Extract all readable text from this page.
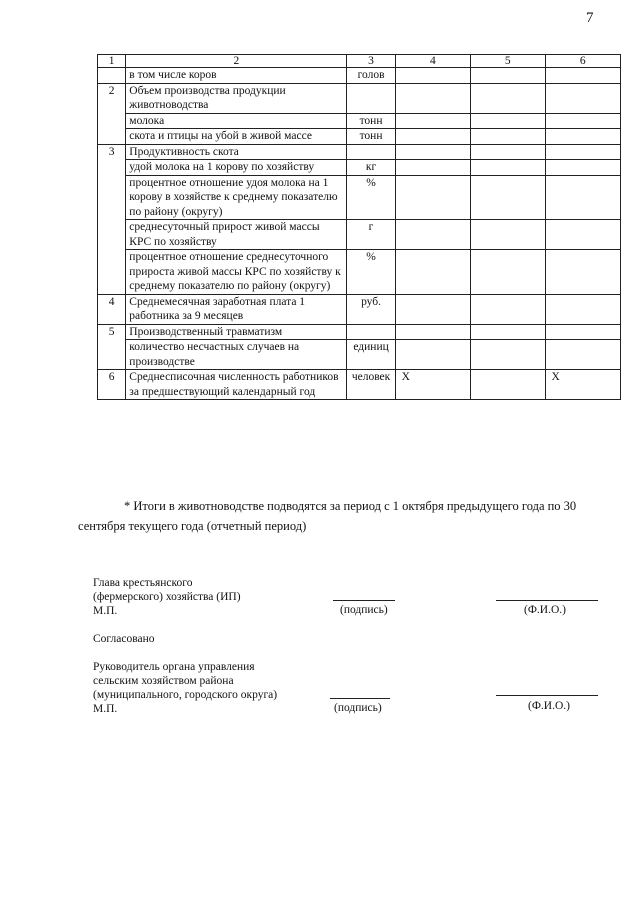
7
1	2	3	4	5	6
	в том числе коров	голов			
2	Объем производства продукции животноводства				
	молока	тонн			
	скота и птицы на убой в живой массе	тонн			
3	Продуктивность скота				
	удой молока на 1 корову по хозяйству	кг			
	процентное отношение удоя молока на 1 корову в хозяйстве к среднему показателю по району (округу)	%			
	среднесуточный прирост живой массы КРС по хозяйству	г			
	процентное отношение среднесуточного прироста живой массы КРС по хозяйству к среднему показателю по району (округу)	%			
4	Среднемесячная заработная плата 1 работника за 9 месяцев	руб.			
5	Производственный травматизм				
	количество несчастных случаев на производстве	единиц			
6	Среднесписочная численность работников за предшествующий календарный год	человек	X		X
* Итоги в животноводстве подводятся за период с 1 октября предыдущего года по 30 сентября текущего года (отчетный период)
Глава крестьянского
(фермерского) хозяйства (ИП)
М.П.	(подпись)	(Ф.И.О.)
Согласовано
Руководитель органа управления
сельским хозяйством района
(муниципального, городского округа)
М.П.	(подпись)	(Ф.И.О.)
